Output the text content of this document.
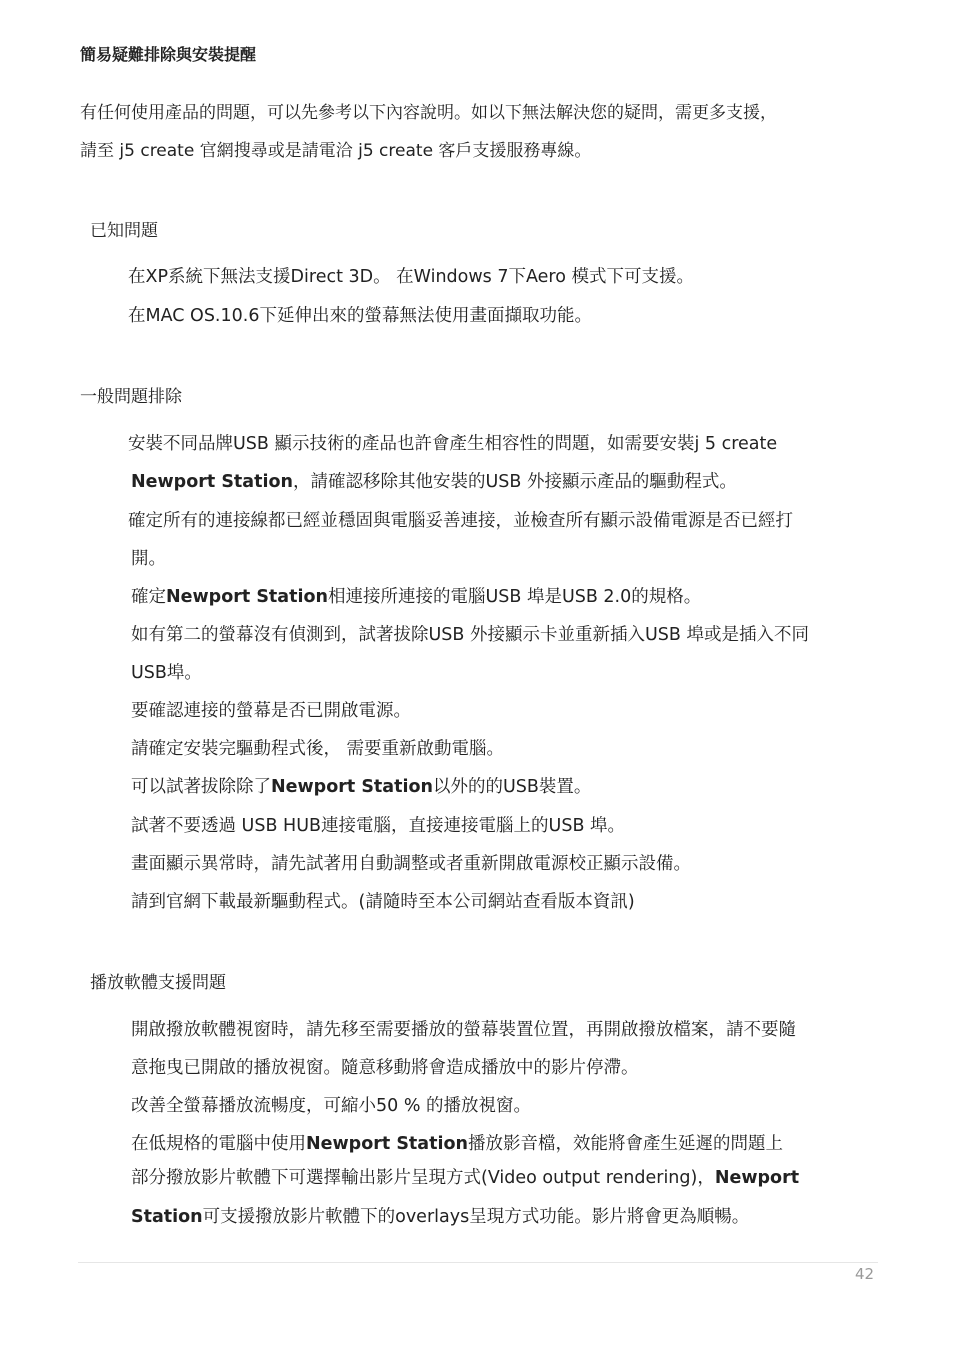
簡易疑難排除與安裝提醒
有任何使用產品的問題，可以先參考以下內容說明。如以下無法解決您的疑問，需更多支援，
請至 j5 create 官網搜尋或是請電洽 j5 create 客戶支援服務專線。
已知問題
在XP系統下無法支援Direct 3D。 在Windows 7下Aero 模式下可支援。
在MAC OS.10.6下延伸出來的螢幕無法使用畫面擷取功能。
一般問題排除
安裝不同品牌USB 顯示技術的產品也許會產生相容性的問題，如需要安裝j 5 create
Newport Station，請確認移除其他安裝的USB 外接顯示產品的驅動程式。
確定所有的連接線都已經並穩固與電腦妥善連接，並檢查所有顯示設備電源是否已經打
開。
確定Newport Station相連接所連接的電腦USB 埠是USB 2.0的規格。
如有第二的螢幕沒有偵測到，試著拔除USB 外接顯示卡並重新插入USB 埠或是插入不同
USB埠。
要確認連接的螢幕是否已開啟電源。
請確定安裝完驅動程式後， 需要重新啟動電腦。
可以試著拔除除了Newport Station以外的的USB裝置。
試著不要透過 USB HUB連接電腦，直接連接電腦上的USB 埠。
畫面顯示異常時，請先試著用自動調整或者重新開啟電源校正顯示設備。
請到官網下載最新驅動程式。(請隨時至本公司網站查看版本資訊)
播放軟體支援問題
開啟撥放軟體視窗時，請先移至需要播放的螢幕裝置位置，再開啟撥放檔案，請不要隨
意拖曳已開啟的播放視窗。隨意移動將會造成播放中的影片停滯。
改善全螢幕播放流暢度，可縮小50 % 的播放視窗。
在低規格的電腦中使用Newport Station播放影音檔，效能將會產生延遲的問題上
部分撥放影片軟體下可選擇輸出影片呈現方式(Video output rendering)，Newport
Station可支援撥放影片軟體下的overlays呈現方式功能。影片將會更為順暢。
42
